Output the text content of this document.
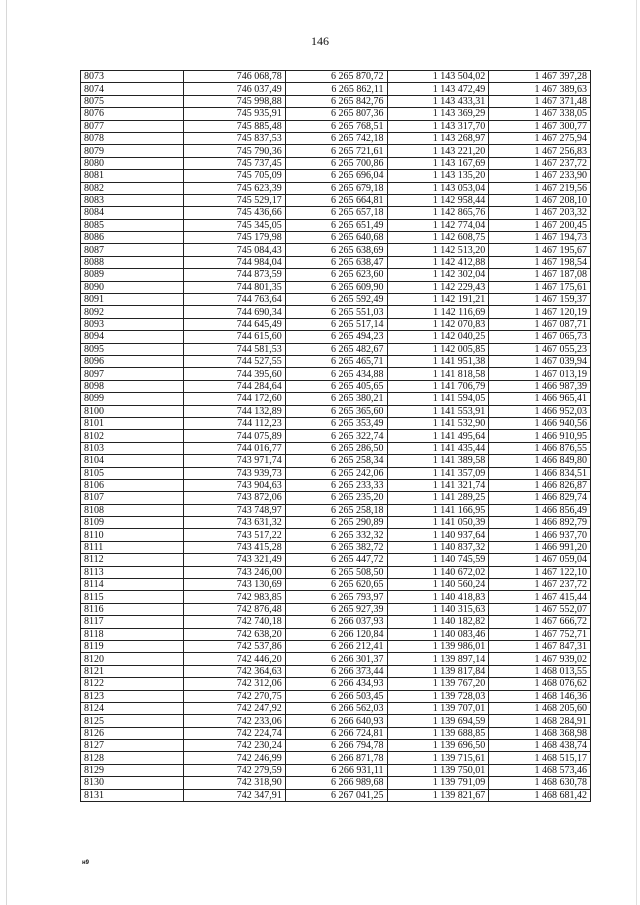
146
8073	746 068,78	6 265 870,72	1 143 504,02	1 467 397,28
8074	746 037,49	6 265 862,11	1 143 472,49	1 467 389,63
8075	745 998,88	6 265 842,76	1 143 433,31	1 467 371,48
8076	745 935,91	6 265 807,36	1 143 369,29	1 467 338,05
8077	745 885,48	6 265 768,51	1 143 317,70	1 467 300,77
8078	745 837,53	6 265 742,18	1 143 268,97	1 467 275,94
8079	745 790,36	6 265 721,61	1 143 221,20	1 467 256,83
8080	745 737,45	6 265 700,86	1 143 167,69	1 467 237,72
8081	745 705,09	6 265 696,04	1 143 135,20	1 467 233,90
8082	745 623,39	6 265 679,18	1 143 053,04	1 467 219,56
8083	745 529,17	6 265 664,81	1 142 958,44	1 467 208,10
8084	745 436,66	6 265 657,18	1 142 865,76	1 467 203,32
8085	745 345,05	6 265 651,49	1 142 774,04	1 467 200,45
8086	745 179,98	6 265 640,68	1 142 608,75	1 467 194,73
8087	745 084,43	6 265 638,69	1 142 513,20	1 467 195,67
8088	744 984,04	6 265 638,47	1 142 412,88	1 467 198,54
8089	744 873,59	6 265 623,60	1 142 302,04	1 467 187,08
8090	744 801,35	6 265 609,90	1 142 229,43	1 467 175,61
8091	744 763,64	6 265 592,49	1 142 191,21	1 467 159,37
8092	744 690,34	6 265 551,03	1 142 116,69	1 467 120,19
8093	744 645,49	6 265 517,14	1 142 070,83	1 467 087,71
8094	744 615,60	6 265 494,23	1 142 040,25	1 467 065,73
8095	744 581,53	6 265 482,67	1 142 005,85	1 467 055,23
8096	744 527,55	6 265 465,71	1 141 951,38	1 467 039,94
8097	744 395,60	6 265 434,88	1 141 818,58	1 467 013,19
8098	744 284,64	6 265 405,65	1 141 706,79	1 466 987,39
8099	744 172,60	6 265 380,21	1 141 594,05	1 466 965,41
8100	744 132,89	6 265 365,60	1 141 553,91	1 466 952,03
8101	744 112,23	6 265 353,49	1 141 532,90	1 466 940,56
8102	744 075,89	6 265 322,74	1 141 495,64	1 466 910,95
8103	744 016,77	6 265 286,50	1 141 435,44	1 466 876,55
8104	743 971,74	6 265 258,34	1 141 389,58	1 466 849,80
8105	743 939,73	6 265 242,06	1 141 357,09	1 466 834,51
8106	743 904,63	6 265 233,33	1 141 321,74	1 466 826,87
8107	743 872,06	6 265 235,20	1 141 289,25	1 466 829,74
8108	743 748,97	6 265 258,18	1 141 166,95	1 466 856,49
8109	743 631,32	6 265 290,89	1 141 050,39	1 466 892,79
8110	743 517,22	6 265 332,32	1 140 937,64	1 466 937,70
8111	743 415,28	6 265 382,72	1 140 837,32	1 466 991,20
8112	743 321,49	6 265 447,72	1 140 745,59	1 467 059,04
8113	743 246,00	6 265 508,50	1 140 672,02	1 467 122,10
8114	743 130,69	6 265 620,65	1 140 560,24	1 467 237,72
8115	742 983,85	6 265 793,97	1 140 418,83	1 467 415,44
8116	742 876,48	6 265 927,39	1 140 315,63	1 467 552,07
8117	742 740,18	6 266 037,93	1 140 182,82	1 467 666,72
8118	742 638,20	6 266 120,84	1 140 083,46	1 467 752,71
8119	742 537,86	6 266 212,41	1 139 986,01	1 467 847,31
8120	742 446,20	6 266 301,37	1 139 897,14	1 467 939,02
8121	742 364,63	6 266 373,44	1 139 817,84	1 468 013,55
8122	742 312,06	6 266 434,93	1 139 767,20	1 468 076,62
8123	742 270,75	6 266 503,45	1 139 728,03	1 468 146,36
8124	742 247,92	6 266 562,03	1 139 707,01	1 468 205,60
8125	742 233,06	6 266 640,93	1 139 694,59	1 468 284,91
8126	742 224,74	6 266 724,81	1 139 688,85	1 468 368,98
8127	742 230,24	6 266 794,78	1 139 696,50	1 468 438,74
8128	742 246,99	6 266 871,78	1 139 715,61	1 468 515,17
8129	742 279,59	6 266 931,11	1 139 750,01	1 468 573,46
8130	742 318,90	6 266 989,68	1 139 791,09	1 468 630,78
8131	742 347,91	6 267 041,25	1 139 821,67	1 468 681,42
н9
